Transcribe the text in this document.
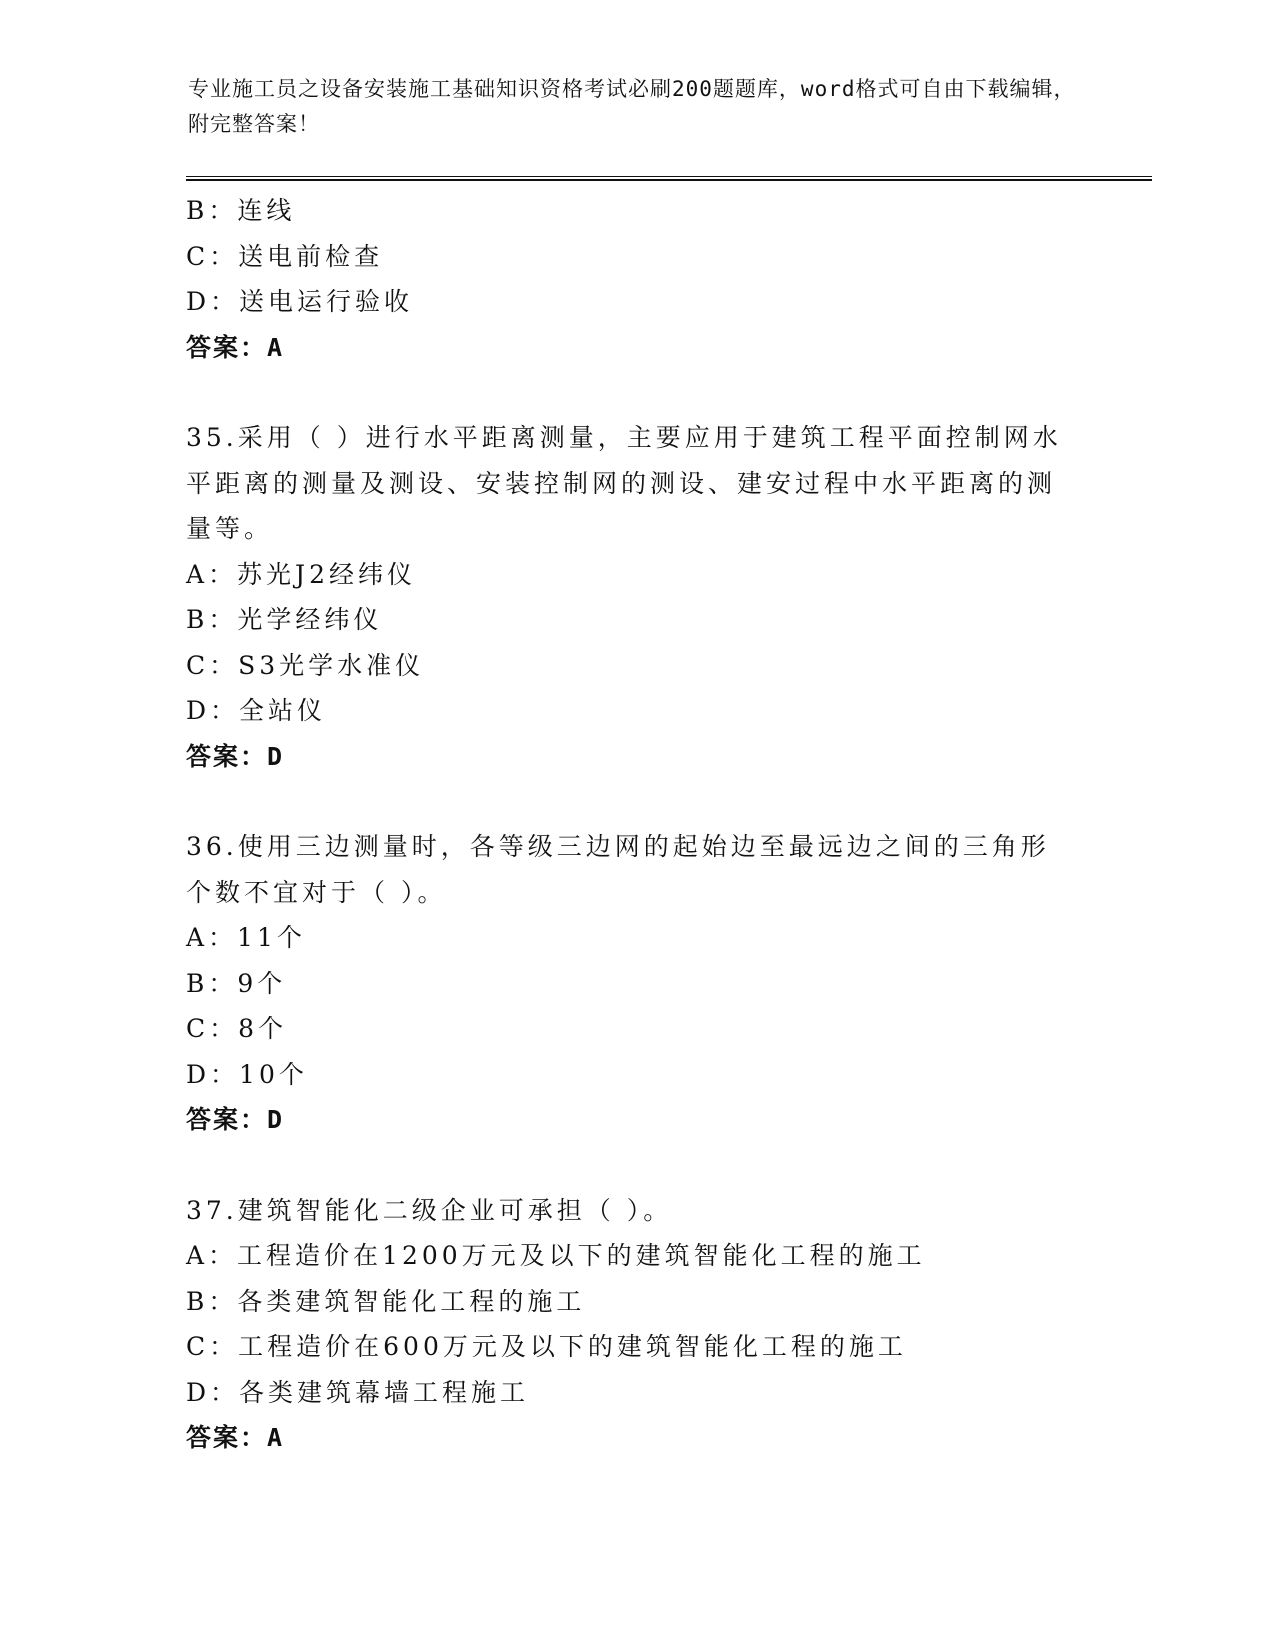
专业施工员之设备安装施工基础知识资格考试必刷200题题库，word格式可自由下载编辑，附完整答案！
B：连线
C：送电前检查
D：送电运行验收
答案：A
35.采用（ ）进行水平距离测量，主要应用于建筑工程平面控制网水平距离的测量及测设、安装控制网的测设、建安过程中水平距离的测量等。
A：苏光J2经纬仪
B：光学经纬仪
C：S3光学水准仪
D：全站仪
答案：D
36.使用三边测量时，各等级三边网的起始边至最远边之间的三角形个数不宜对于（ ）。
A：11个
B：9个
C：8个
D：10个
答案：D
37.建筑智能化二级企业可承担（ ）。
A：工程造价在1200万元及以下的建筑智能化工程的施工
B：各类建筑智能化工程的施工
C：工程造价在600万元及以下的建筑智能化工程的施工
D：各类建筑幕墙工程施工
答案：A
